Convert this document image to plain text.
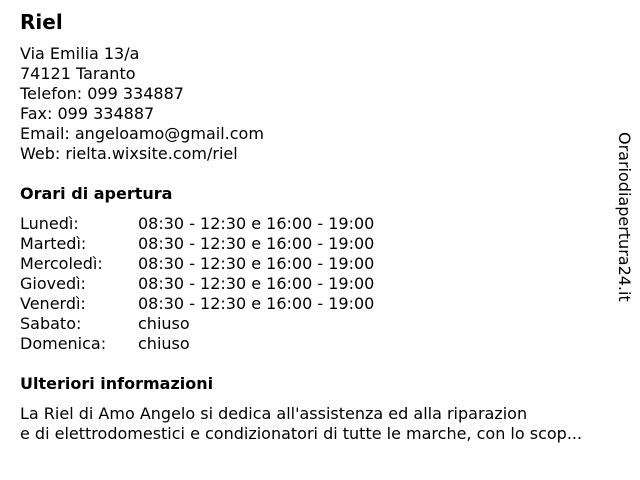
Riel
Via Emilia 13/a
74121 Taranto
Telefon: 099 334887
Fax: 099 334887
Email: angeloamo@gmail.com
Web: rielta.wixsite.com/riel
Orari di apertura
Lunedì:	08:30 - 12:30 e 16:00 - 19:00
Martedì:	08:30 - 12:30 e 16:00 - 19:00
Mercoledì: 08:30 - 12:30 e 16:00 - 19:00
Giovedì:	08:30 - 12:30 e 16:00 - 19:00
Venerdì:	08:30 - 12:30 e 16:00 - 19:00
Sabato:	chiuso
Domenica: chiuso
Ulteriori informazioni
La Riel di Amo Angelo si dedica all'assistenza ed alla riparazion
e di elettrodomestici e condizionatori di tutte le marche, con lo scop...
Orariodiapertura24.it
